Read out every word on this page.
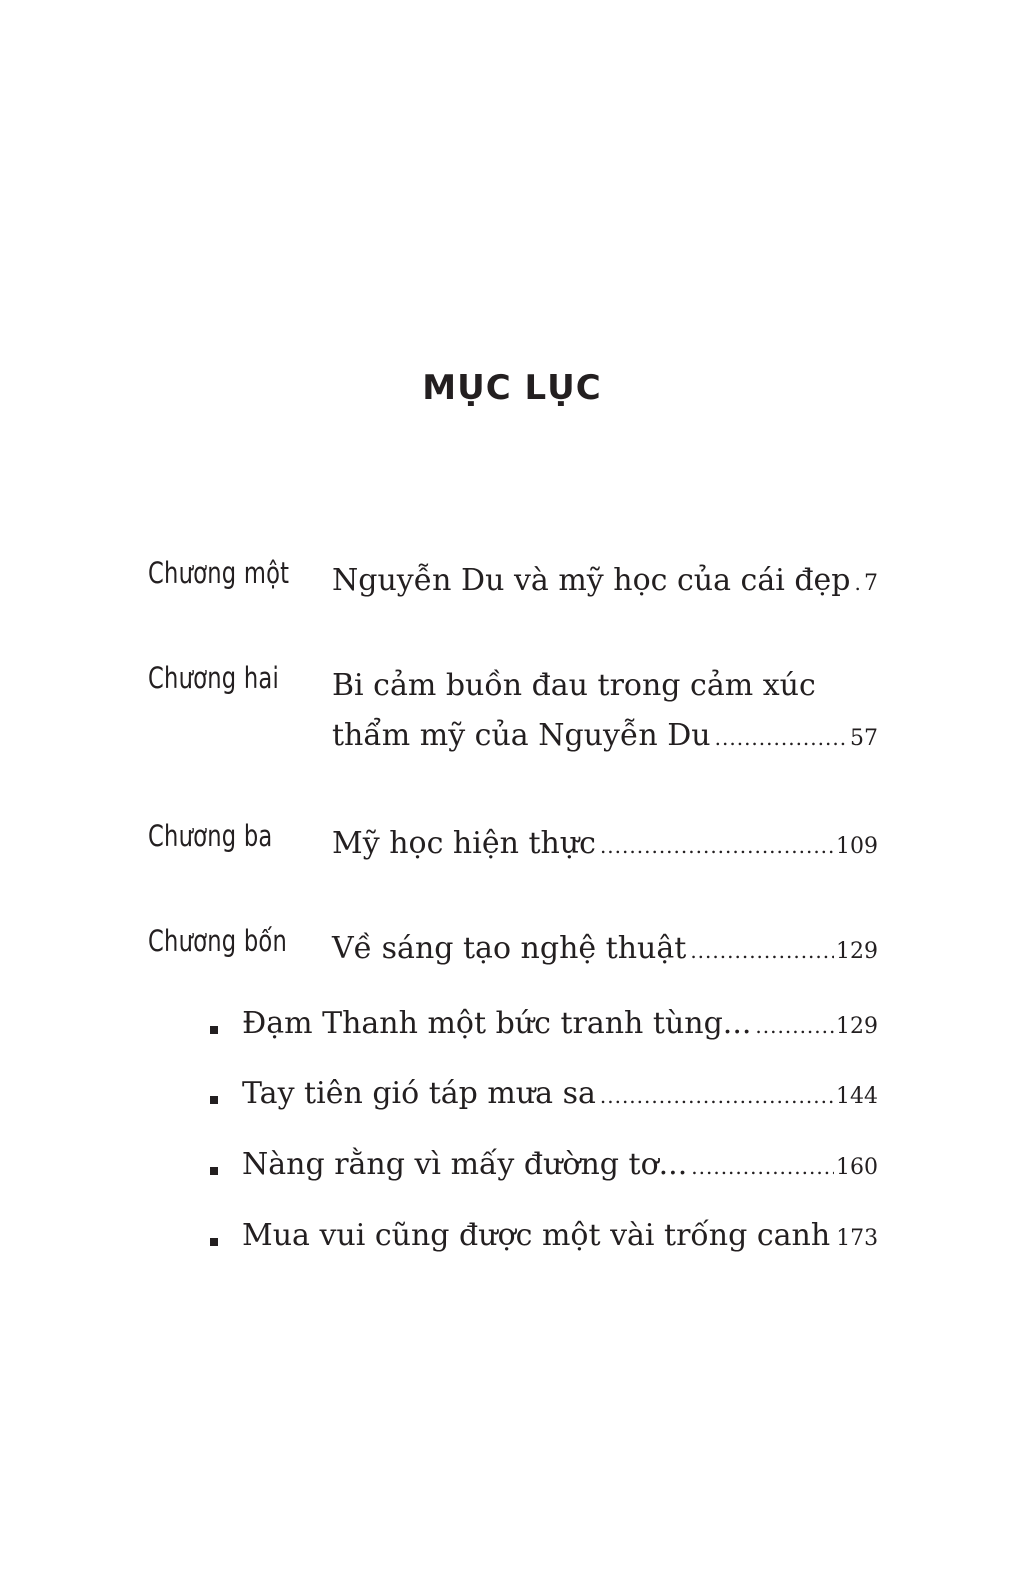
MỤC LỤC
Chương một Nguyễn Du và mỹ học của cái đẹp ..... 7
Chương hai Bi cảm buồn đau trong cảm xúc
thẩm mỹ của Nguyễn Du .....	57
Chương ba Mỹ học hiện thực .....	109
Chương bốn Về sáng tạo nghệ thuật .....	129
Đạm Thanh một bức tranh tùng... .....	129
Tay tiên gió táp mưa sa .....	144
Nàng rằng vì mấy đường tơ... .....	160
Mua vui cũng được một vài trống canh 173
